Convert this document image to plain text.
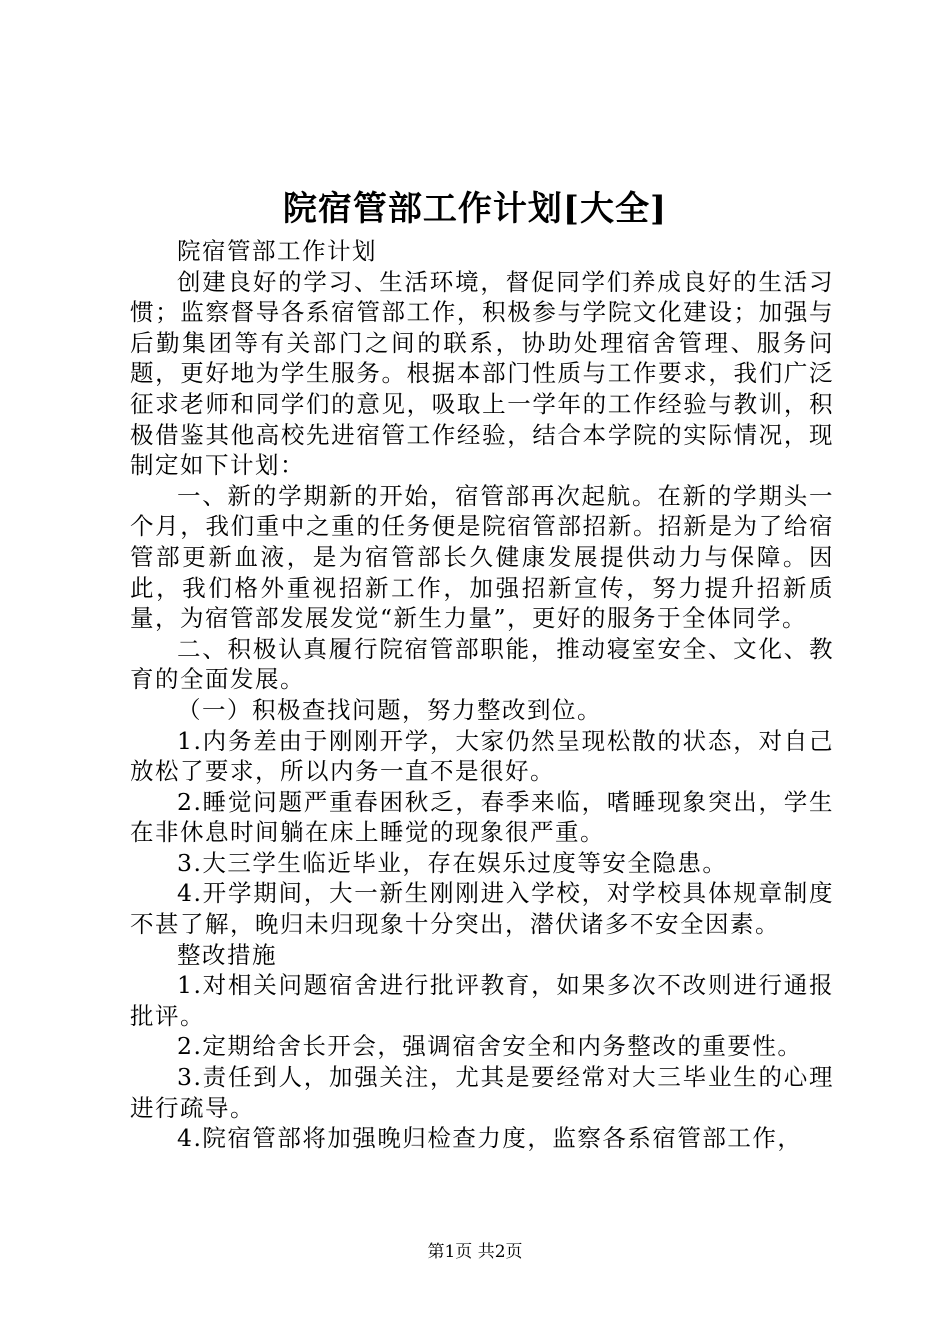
院宿管部工作计划[大全]

院宿管部工作计划

创建良好的学习、生活环境，督促同学们养成良好的生活习惯；监察督导各系宿管部工作，积极参与学院文化建设；加强与后勤集团等有关部门之间的联系，协助处理宿舍管理、服务问题，更好地为学生服务。根据本部门性质与工作要求，我们广泛征求老师和同学们的意见，吸取上一学年的工作经验与教训，积极借鉴其他高校先进宿管工作经验，结合本学院的实际情况，现制定如下计划：

一、新的学期新的开始，宿管部再次起航。在新的学期头一个月，我们重中之重的任务便是院宿管部招新。招新是为了给宿管部更新血液，是为宿管部长久健康发展提供动力与保障。因此，我们格外重视招新工作，加强招新宣传，努力提升招新质量，为宿管部发展发觉“新生力量”，更好的服务于全体同学。

二、积极认真履行院宿管部职能，推动寝室安全、文化、教育的全面发展。

（一）积极查找问题，努力整改到位。

1.内务差由于刚刚开学，大家仍然呈现松散的状态，对自己放松了要求，所以内务一直不是很好。

2.睡觉问题严重春困秋乏，春季来临，嗜睡现象突出，学生在非休息时间躺在床上睡觉的现象很严重。

3.大三学生临近毕业，存在娱乐过度等安全隐患。

4.开学期间，大一新生刚刚进入学校，对学校具体规章制度不甚了解，晚归未归现象十分突出，潜伏诸多不安全因素。

整改措施

1.对相关问题宿舍进行批评教育，如果多次不改则进行通报批评。

2.定期给舍长开会，强调宿舍安全和内务整改的重要性。

3.责任到人，加强关注，尤其是要经常对大三毕业生的心理进行疏导。

4.院宿管部将加强晚归检查力度，监察各系宿管部工作，

第1页 共2页
